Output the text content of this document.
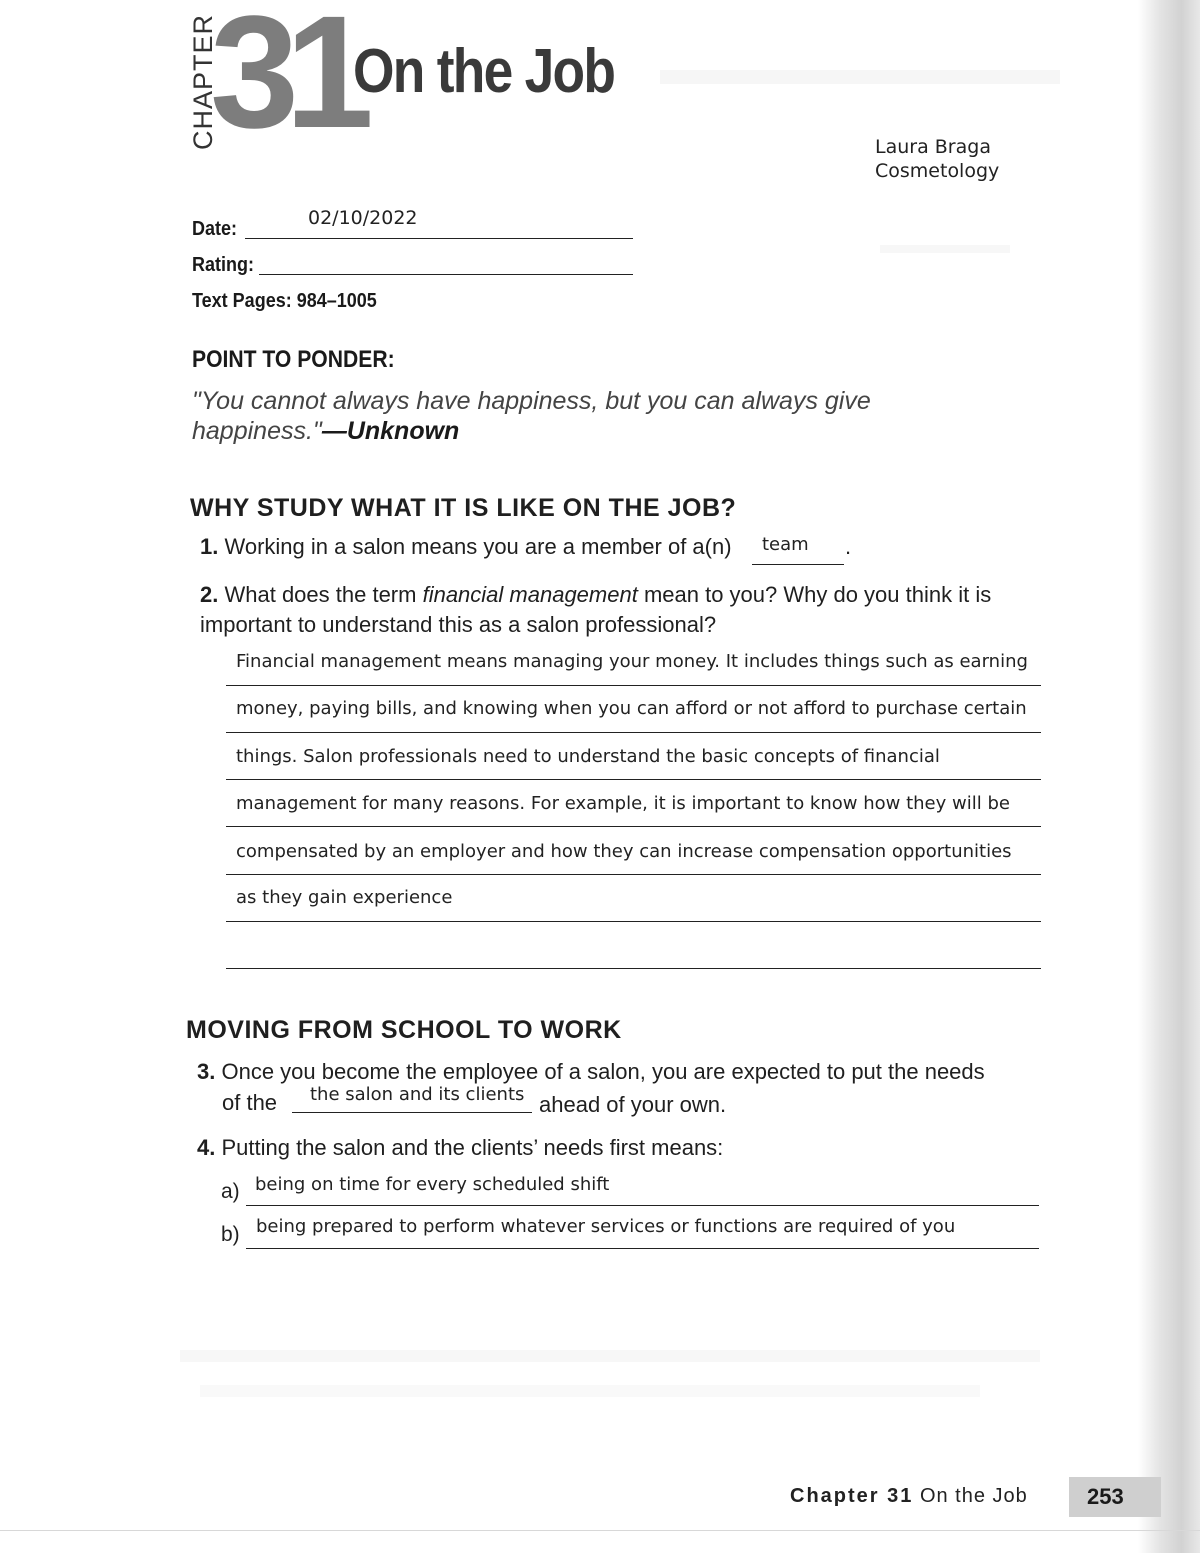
CHAPTER
31
On the Job
Laura Braga
Cosmetology
Date:	02/10/2022
Rating:
Text Pages: 984–1005
POINT TO PONDER:
"You cannot always have happiness, but you can always give happiness."—Unknown
WHY STUDY WHAT IT IS LIKE ON THE JOB?
1. Working in a salon means you are a member of a(n) team .
2. What does the term financial management mean to you? Why do you think it is important to understand this as a salon professional?
Financial management means managing your money. It includes things such as earning
money, paying bills, and knowing when you can afford or not afford to purchase certain
things. Salon professionals need to understand the basic concepts of financial
management for many reasons. For example, it is important to know how they will be
compensated by an employer and how they can increase compensation opportunities
as they gain experience
MOVING FROM SCHOOL TO WORK
3. Once you become the employee of a salon, you are expected to put the needs
of the the salon and its clients ahead of your own.
4. Putting the salon and the clients’ needs first means:
a) being on time for every scheduled shift
b) being prepared to perform whatever services or functions are required of you
Chapter 31 On the Job	253
